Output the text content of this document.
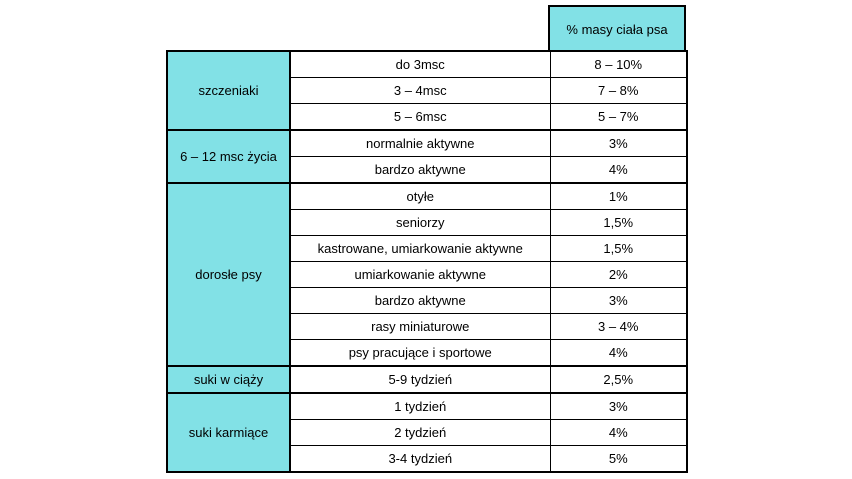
% masy ciała psa
szczeniaki	do 3msc	8 – 10%
	3 – 4msc	7 – 8%
	5 – 6msc	5 – 7%
6 – 12 msc życia	normalnie aktywne	3%
	bardzo aktywne	4%
dorosłe psy	otyłe	1%
	seniorzy	1,5%
	kastrowane, umiarkowanie aktywne	1,5%
	umiarkowanie aktywne	2%
	bardzo aktywne	3%
	rasy miniaturowe	3 – 4%
	psy pracujące i sportowe	4%
suki w ciąży	5-9 tydzień	2,5%
suki karmiące	1 tydzień	3%
	2 tydzień	4%
	3-4 tydzień	5%
